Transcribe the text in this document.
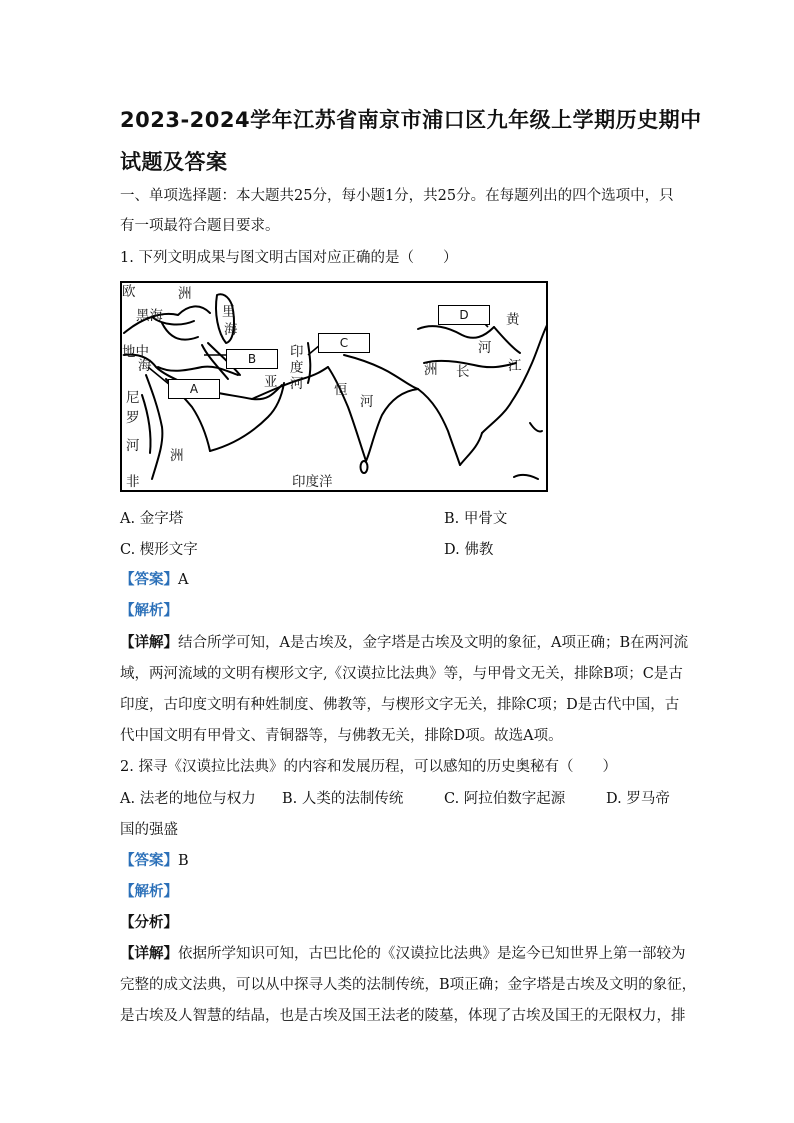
2023-2024学年江苏省南京市浦口区九年级上学期历史期中
试题及答案
一、单项选择题：本大题共25分，每小题1分，共25分。在每题列出的四个选项中，只
有一项最符合题目要求。
1. 下列文明成果与图文明古国对应正确的是（　　）
欧	洲
黑海	里
海
地中
海
尼
罗
河
洲
非
亚
印
度
河 恒
河
洲 长
河
黄
江
印度洋
A
B
C
D
A. 金字塔	B. 甲骨文
C. 楔形文字	D. 佛教
【答案】A
【解析】
【详解】结合所学可知，A是古埃及，金字塔是古埃及文明的象征，A项正确；B在两河流
域，两河流域的文明有楔形文字,《汉谟拉比法典》等，与甲骨文无关，排除B项；C是古
印度，古印度文明有种姓制度、佛教等，与楔形文字无关，排除C项；D是古代中国，古
代中国文明有甲骨文、青铜器等，与佛教无关，排除D项。故选A项。
2. 探寻《汉谟拉比法典》的内容和发展历程，可以感知的历史奥秘有（　　）
A. 法老的地位与权力 B. 人类的法制传统	C. 阿拉伯数字起源	D. 罗马帝
国的强盛
【答案】B
【解析】
【分析】
【详解】依据所学知识可知，古巴比伦的《汉谟拉比法典》是迄今已知世界上第一部较为
完整的成文法典，可以从中探寻人类的法制传统，B项正确；金字塔是古埃及文明的象征，
是古埃及人智慧的结晶，也是古埃及国王法老的陵墓，体现了古埃及国王的无限权力，排
